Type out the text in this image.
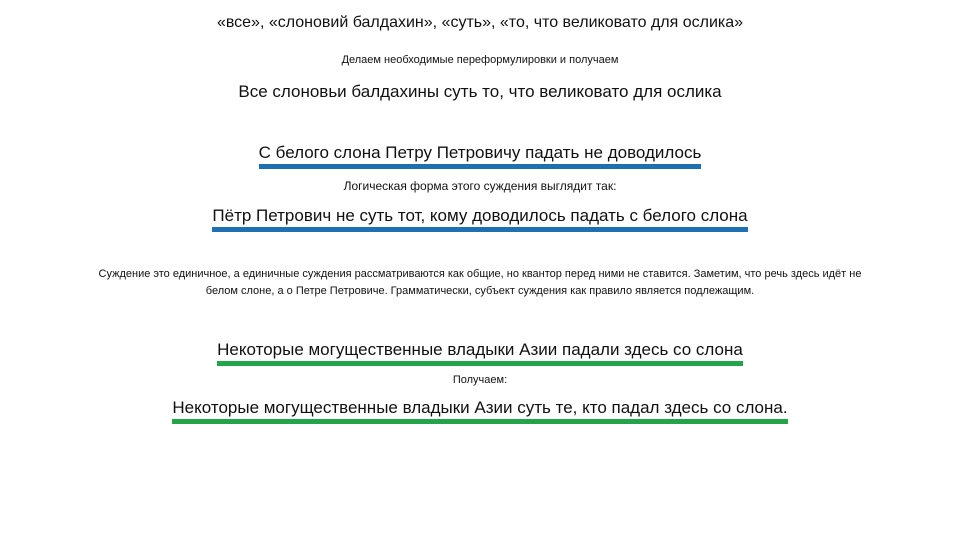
«все», «слоновий балдахин», «суть», «то, что великовато для ослика»
Делаем необходимые переформулировки и получаем
Все слоновьи балдахины суть то, что великовато для ослика
С белого слона Петру Петровичу падать не доводилось
Логическая форма этого суждения выглядит так:
Пётр Петрович не суть тот, кому доводилось падать с белого слона
Суждение это единичное, а единичные суждения рассматриваются как общие, но квантор перед ними не ставится. Заметим, что речь здесь идёт не
белом слоне, а о Петре Петровиче. Грамматически, субъект суждения как правило является подлежащим.
Некоторые могущественные владыки Азии падали здесь со слона
Получаем:
Некоторые могущественные владыки Азии суть те, кто падал здесь со слона.
